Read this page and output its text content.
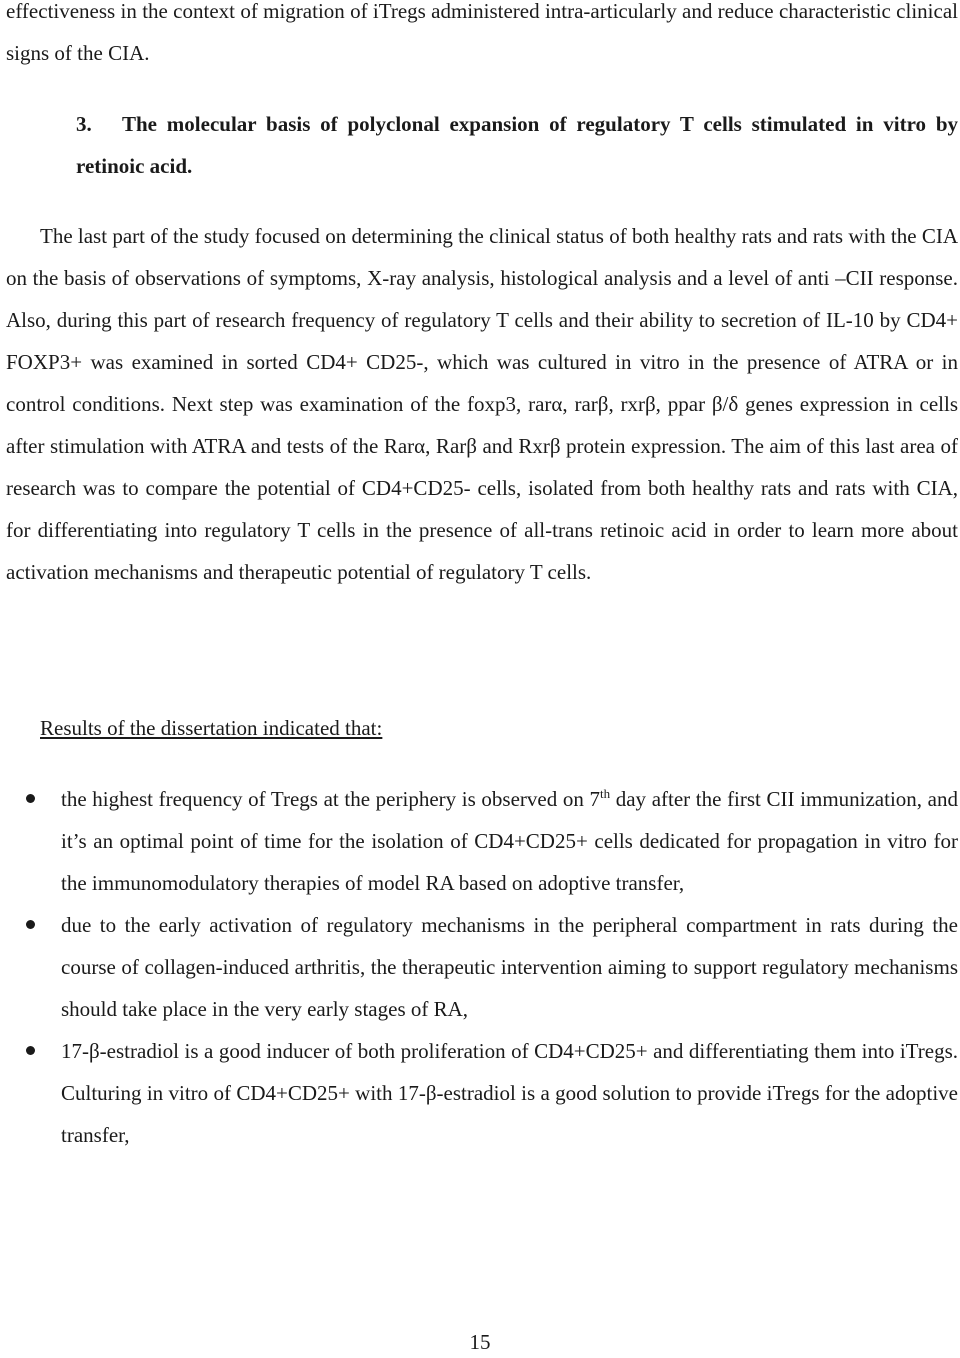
effectiveness in the context of migration of iTregs administered intra-articularly and reduce characteristic clinical signs of the CIA.

3. The molecular basis of polyclonal expansion of regulatory T cells stimulated in vitro by retinoic acid.

The last part of the study focused on determining the clinical status of both healthy rats and rats with the CIA on the basis of observations of symptoms, X-ray analysis, histological analysis and a level of anti –CII response. Also, during this part of research frequency of regulatory T cells and their ability to secretion of IL-10 by CD4+ FOXP3+ was examined in sorted CD4+ CD25-, which was cultured in vitro in the presence of ATRA or in control conditions. Next step was examination of the foxp3, rarα, rarβ, rxrβ, ppar β/δ genes expression in cells after stimulation with ATRA and tests of the Rarα, Rarβ and Rxrβ protein expression. The aim of this last area of research was to compare the potential of CD4+CD25- cells, isolated from both healthy rats and rats with CIA, for differentiating into regulatory T cells in the presence of all-trans retinoic acid in order to learn more about activation mechanisms and therapeutic potential of regulatory T cells.

Results of the dissertation indicated that:

the highest frequency of Tregs at the periphery is observed on 7th day after the first CII immunization, and it’s an optimal point of time for the isolation of CD4+CD25+ cells dedicated for propagation in vitro for the immunomodulatory therapies of model RA based on adoptive transfer,
due to the early activation of regulatory mechanisms in the peripheral compartment in rats during the course of collagen-induced arthritis, the therapeutic intervention aiming to support regulatory mechanisms should take place in the very early stages of RA,
17-β-estradiol is a good inducer of both proliferation of CD4+CD25+ and differentiating them into iTregs. Culturing in vitro of CD4+CD25+ with 17-β-estradiol is a good solution to provide iTregs for the adoptive transfer,
15
